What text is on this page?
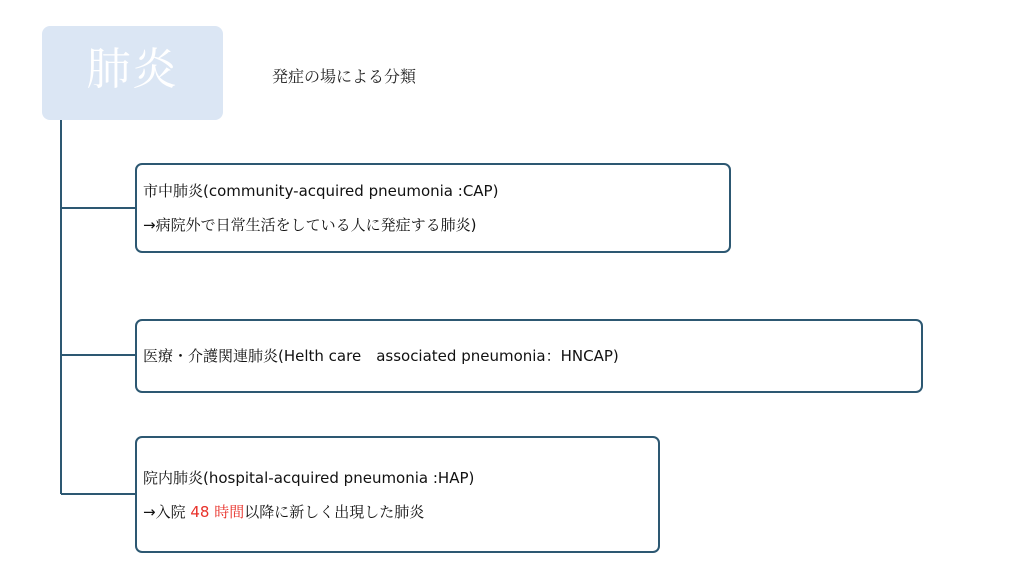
肺炎	発症の場による分類
市中肺炎(community-acquired pneumonia :CAP)
→病院外で日常生活をしている人に発症する肺炎)
医療・介護関連肺炎(Helth care　associated pneumonia：HNCAP)
院内肺炎(hospital-acquired pneumonia :HAP)
→入院 48 時間以降に新しく出現した肺炎
